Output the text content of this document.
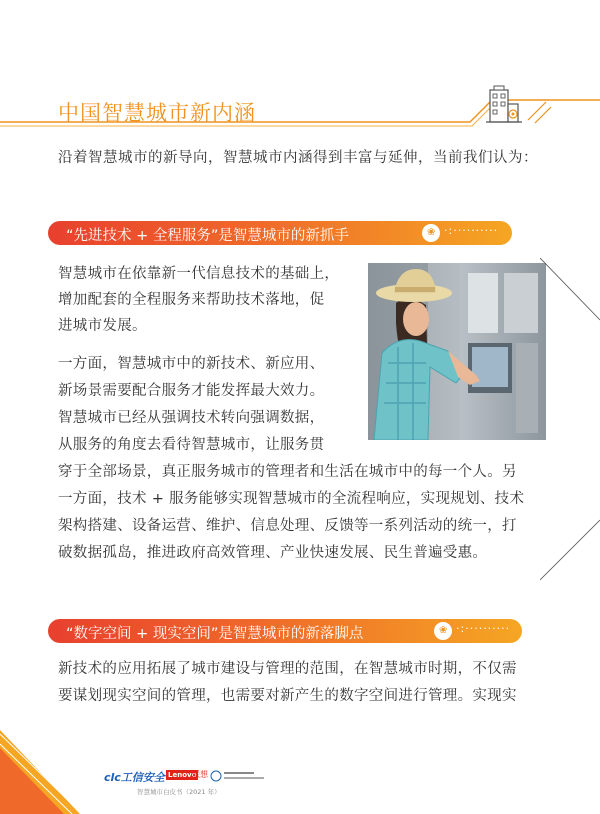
中国智慧城市新内涵
沿着智慧城市的新导向，智慧城市内涵得到丰富与延伸，当前我们认为：
“先进技术 + 全程服务”是智慧城市的新抓手	❀ ·:··········
智慧城市在依靠新一代信息技术的基础上，
增加配套的全程服务来帮助技术落地，促
进城市发展。
一方面，智慧城市中的新技术、新应用、
新场景需要配合服务才能发挥最大效力。
智慧城市已经从强调技术转向强调数据，
从服务的角度去看待智慧城市，让服务贯
穿于全部场景，真正服务城市的管理者和生活在城市中的每一个人。另
一方面，技术 + 服务能够实现智慧城市的全流程响应，实现规划、技术
架构搭建、设备运营、维护、信息处理、反馈等一系列活动的统一，打
破数据孤岛，推进政府高效管理、产业快速发展、民生普遍受惠。
“数字空间 + 现实空间”是智慧城市的新落脚点	❀ ·:··········
新技术的应用拓展了城市建设与管理的范围，在智慧城市时期，不仅需
要谋划现实空间的管理，也需要对新产生的数字空间进行管理。实现实
21
clc工信安全 Lenovo
联想
智慧城市白皮书（2021 年）
